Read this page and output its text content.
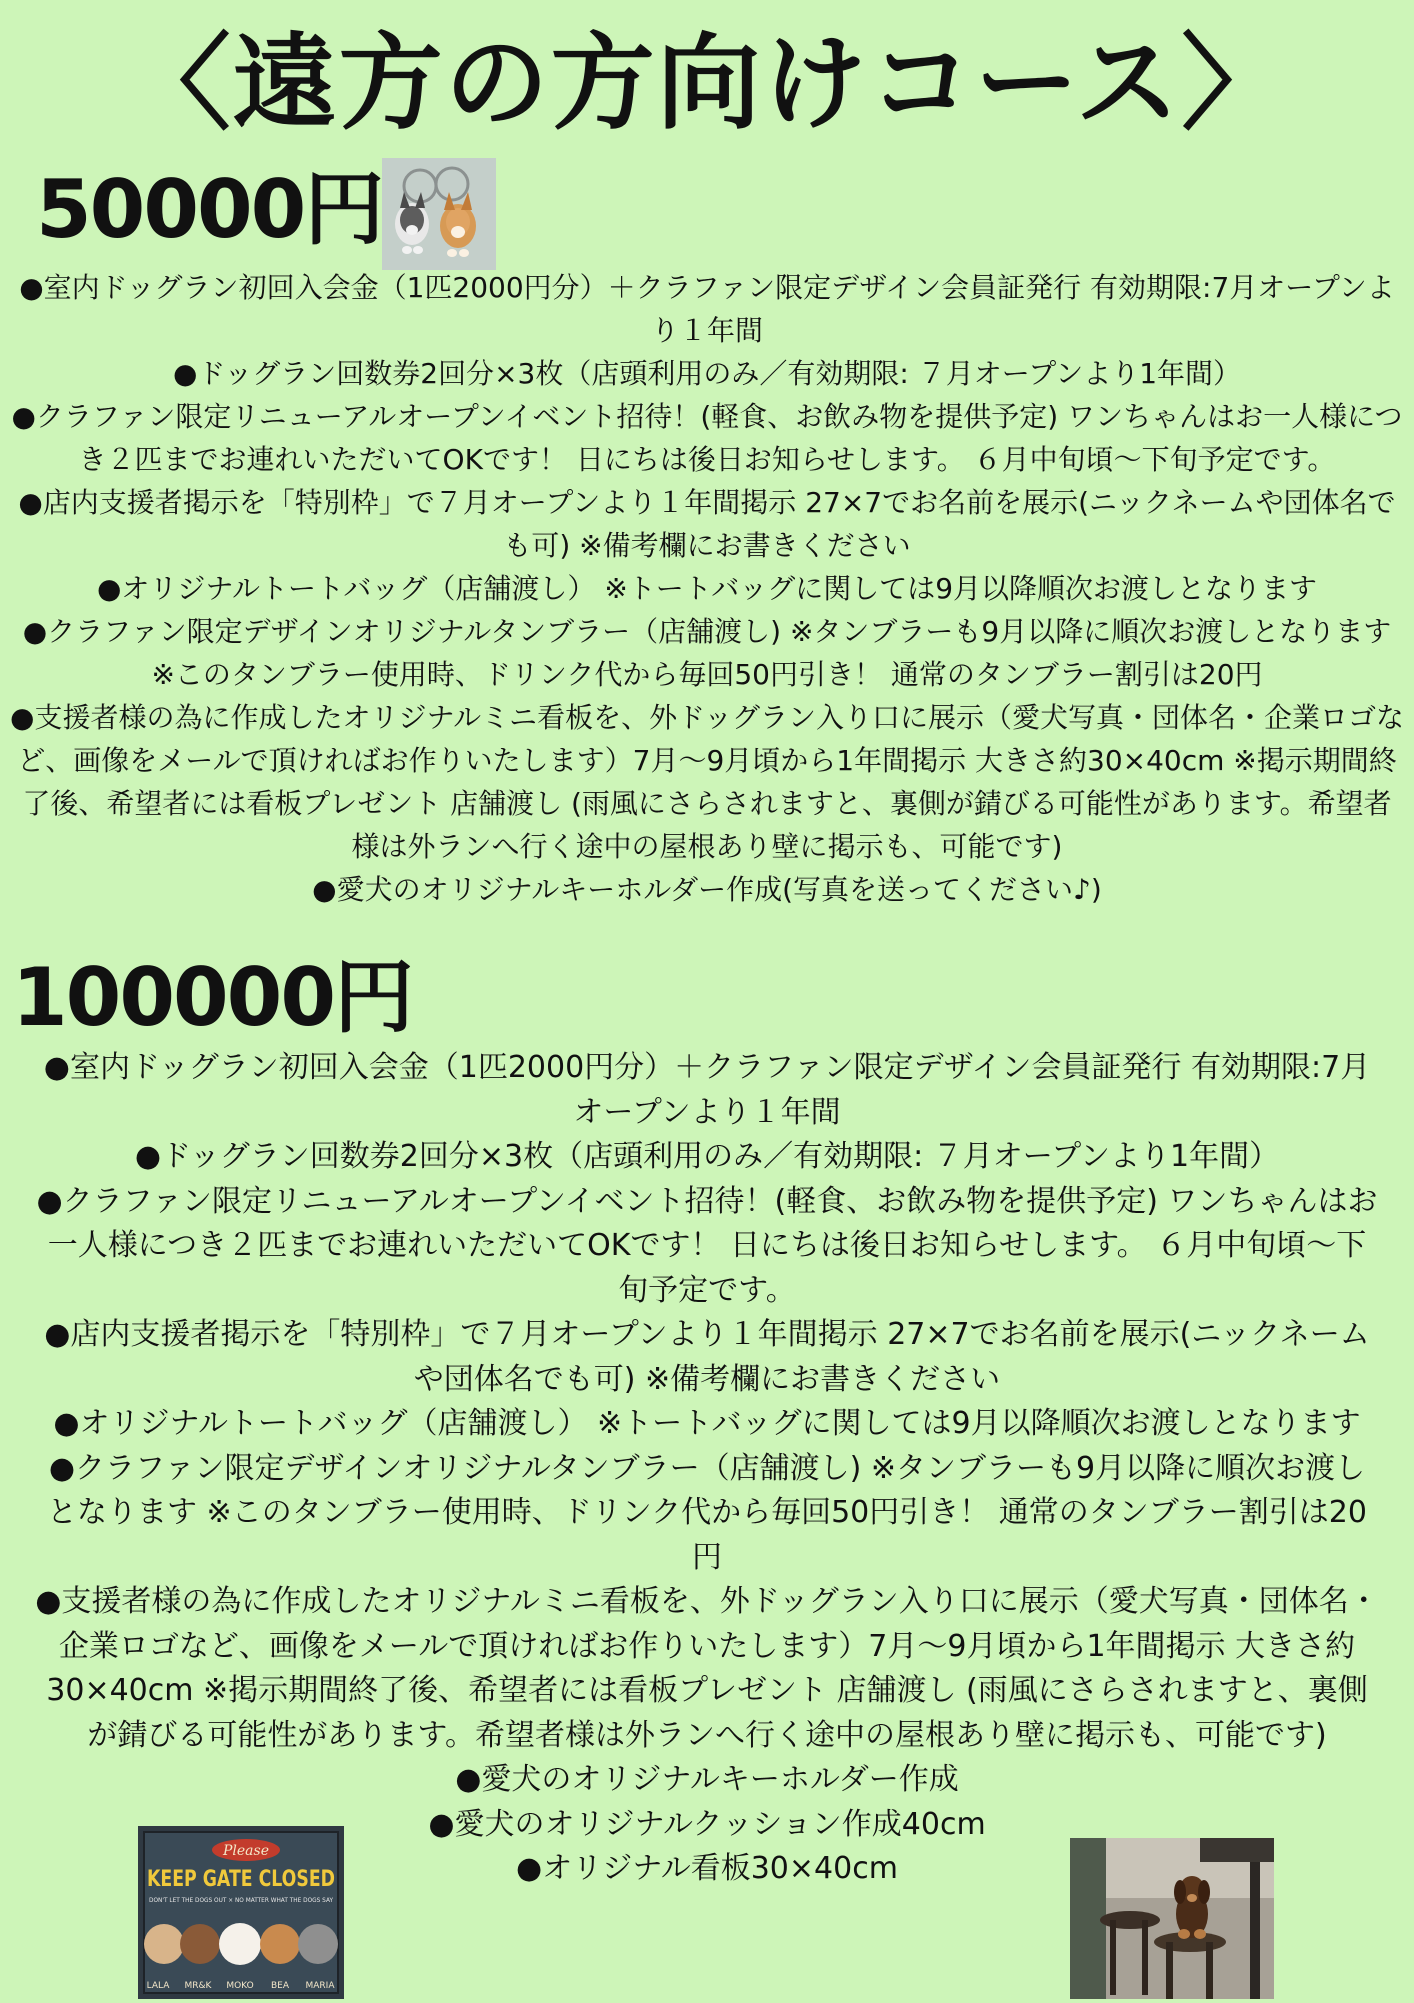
〈遠方の方向けコース〉
50000円
●室内ドッグラン初回入会金（1匹2000円分）＋クラファン限定デザイン会員証発行 有効期限:7月オープンより１年間
●ドッグラン回数券2回分×3枚（店頭利用のみ／有効期限: ７月オープンより1年間）
●クラファン限定リニューアルオープンイベント招待！(軽食、お飲み物を提供予定) ワンちゃんはお一人様につき２匹までお連れいただいてOKです！ 日にちは後日お知らせします。 ６月中旬頃〜下旬予定です。
●店内支援者掲示を「特別枠」で７月オープンより１年間掲示 27×7でお名前を展示(ニックネームや団体名でも可) ※備考欄にお書きください
●オリジナルトートバッグ（店舗渡し） ※トートバッグに関しては9月以降順次お渡しとなります
●クラファン限定デザインオリジナルタンブラー（店舗渡し) ※タンブラーも9月以降に順次お渡しとなります ※このタンブラー使用時、ドリンク代から毎回50円引き！ 通常のタンブラー割引は20円
●支援者様の為に作成したオリジナルミニ看板を、外ドッグラン入り口に展示（愛犬写真・団体名・企業ロゴなど、画像をメールで頂ければお作りいたします）7月〜9月頃から1年間掲示 大きさ約30×40cm ※掲示期間終了後、希望者には看板プレゼント 店舗渡し (雨風にさらされますと、裏側が錆びる可能性があります。希望者様は外ランへ行く途中の屋根あり壁に掲示も、可能です)
●愛犬のオリジナルキーホルダー作成(写真を送ってください♪)
100000円
●室内ドッグラン初回入会金（1匹2000円分）＋クラファン限定デザイン会員証発行 有効期限:7月オープンより１年間
●ドッグラン回数券2回分×3枚（店頭利用のみ／有効期限: ７月オープンより1年間）
●クラファン限定リニューアルオープンイベント招待！(軽食、お飲み物を提供予定) ワンちゃんはお一人様につき２匹までお連れいただいてOKです！ 日にちは後日お知らせします。 ６月中旬頃〜下旬予定です。
●店内支援者掲示を「特別枠」で７月オープンより１年間掲示 27×7でお名前を展示(ニックネームや団体名でも可) ※備考欄にお書きください
●オリジナルトートバッグ（店舗渡し） ※トートバッグに関しては9月以降順次お渡しとなります
●クラファン限定デザインオリジナルタンブラー（店舗渡し) ※タンブラーも9月以降に順次お渡しとなります ※このタンブラー使用時、ドリンク代から毎回50円引き！ 通常のタンブラー割引は20円
●支援者様の為に作成したオリジナルミニ看板を、外ドッグラン入り口に展示（愛犬写真・団体名・企業ロゴなど、画像をメールで頂ければお作りいたします）7月〜9月頃から1年間掲示 大きさ約30×40cm ※掲示期間終了後、希望者には看板プレゼント 店舗渡し (雨風にさらされますと、裏側が錆びる可能性があります。希望者様は外ランへ行く途中の屋根あり壁に掲示も、可能です)
●愛犬のオリジナルキーホルダー作成
●愛犬のオリジナルクッション作成40cm
●オリジナル看板30×40cm
Please
KEEP GATE CLOSED
DON'T LET THE DOGS OUT × NO MATTER WHAT THE DOGS SAY
LALA MR&K MOKO BEA MARIA
